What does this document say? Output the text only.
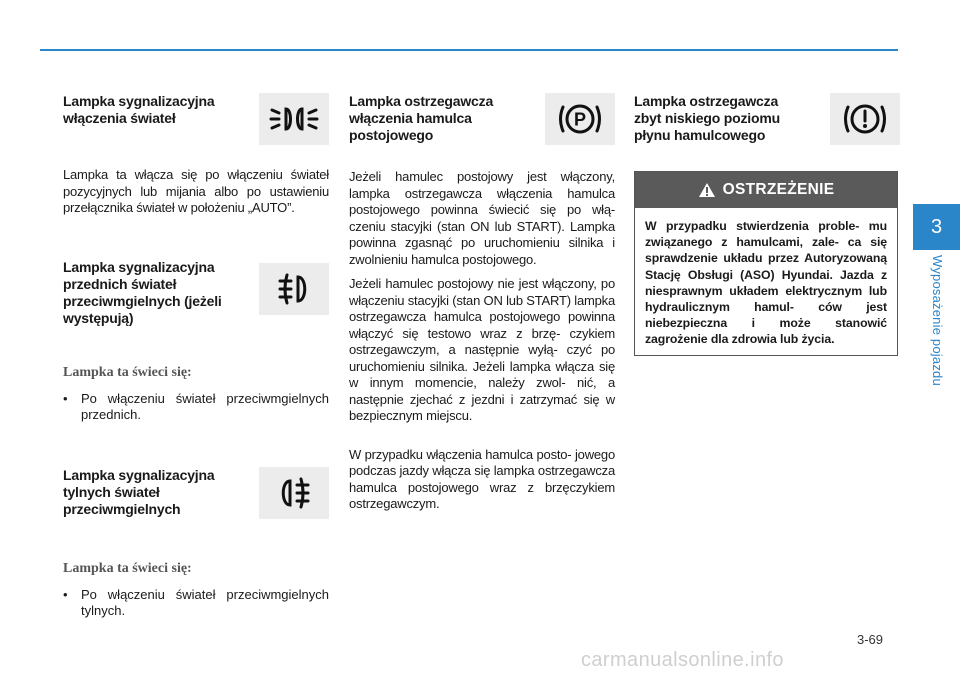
Lampka sygnalizacyjna włączenia świateł

Lampka ta włącza się po włączeniu świateł pozycyjnych lub mijania albo po ustawieniu przełącznika świateł w położeniu „AUTO”.

Lampka sygnalizacyjna przednich świateł przeciwmgielnych (jeżeli występują)
Lampka ta świeci się:
•	Po włączeniu świateł przeciwmgielnych przednich.
Lampka sygnalizacyjna tylnych świateł przeciwmgielnych
Lampka ta świeci się:
•	Po włączeniu świateł przeciwmgielnych tylnych.
Lampka ostrzegawcza włączenia hamulca postojowego
P

Jeżeli hamulec postojowy jest włączony, lampka ostrzegawcza włączenia hamulca postojowego powinna świecić się po włą- czeniu stacyjki (stan ON lub START). Lampka powinna zgasnąć po uruchomieniu silnika i zwolnieniu hamulca postojowego.

Jeżeli hamulec postojowy nie jest włączony, po włączeniu stacyjki (stan ON lub START) lampka ostrzegawcza hamulca postojowego powinna włączyć się testowo wraz z brzę- czykiem ostrzegawczym, a następnie wyłą- czyć po uruchomieniu silnika. Jeżeli lampka włącza się w innym momencie, należy zwol- nić, a następnie zjechać z jezdni i zatrzymać się w bezpiecznym miejscu.

W przypadku włączenia hamulca posto- jowego podczas jazdy włącza się lampka ostrzegawcza hamulca postojowego wraz z brzęczykiem ostrzegawczym.

Lampka ostrzegawcza zbyt niskiego poziomu płynu hamulcowego
OSTRZEŻENIE
W przypadku stwierdzenia proble- mu związanego z hamulcami, zale- ca się sprawdzenie układu przez Autoryzowaną Stację Obsługi (ASO) Hyundai. Jazda z niesprawnym układem elektrycznym lub hydraulicznym hamul- ców jest niebezpieczna i może stanowić zagrożenie dla zdrowia lub życia.
3
Wyposażenie pojazdu
3-69
carmanualsonline.info
